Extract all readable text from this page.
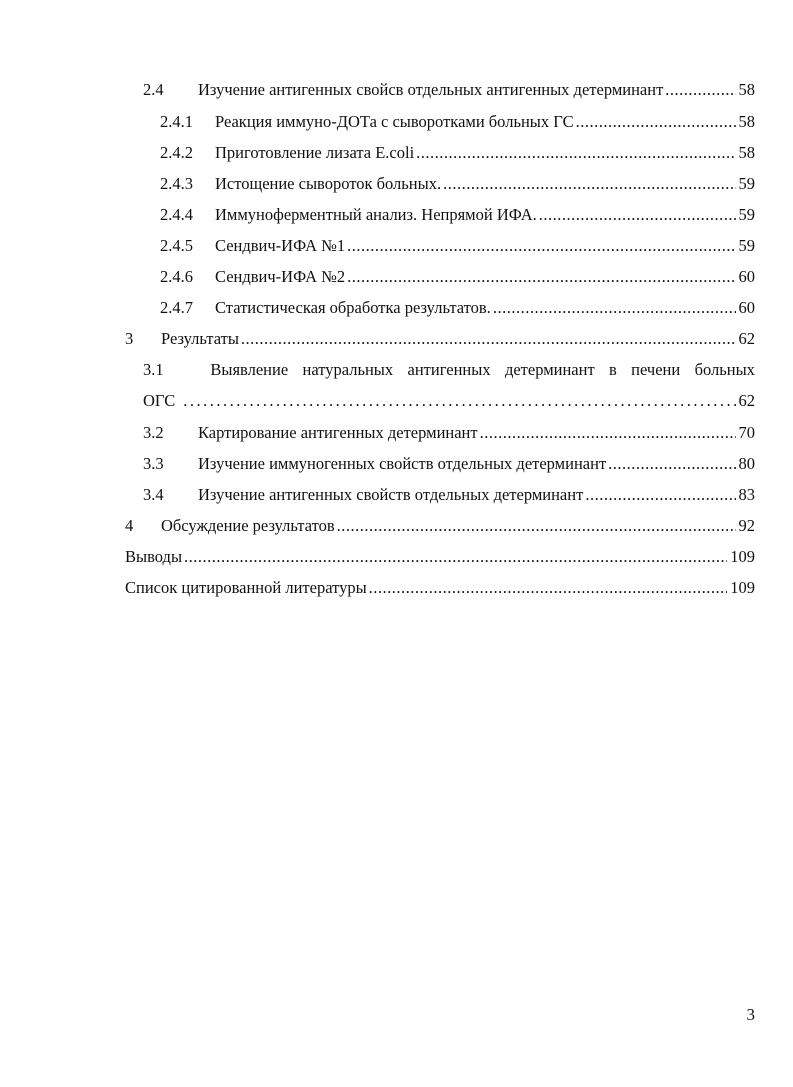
2.4	Изучение антигенных свойсв отдельных антигенных детерминант .....	58
2.4.1	Реакция иммуно-ДОТа с сыворотками больных ГС .....	58
2.4.2	Приготовление лизата E.coli .....	58
2.4.3	Истощение сывороток больных. .....	59
2.4.4	Иммуноферментный анализ. Непрямой ИФА. .....	59
2.4.5	Сендвич-ИФА №1 .....	59
2.4.6	Сендвич-ИФА №2 .....	60
2.4.7	Статистическая обработка результатов. .....	60
3	Результаты .....	62
3.1	Выявление натуральных антигенных детерминант в печени больных
ОГС .....	62
3.2	Картирование антигенных детерминант .....	70
3.3	Изучение иммуногенных свойств отдельных детерминант .....	80
3.4	Изучение антигенных свойств отдельных детерминант .....	83
4	Обсуждение результатов .....	92
Выводы .....	109
Список цитированной литературы .....	109
3
